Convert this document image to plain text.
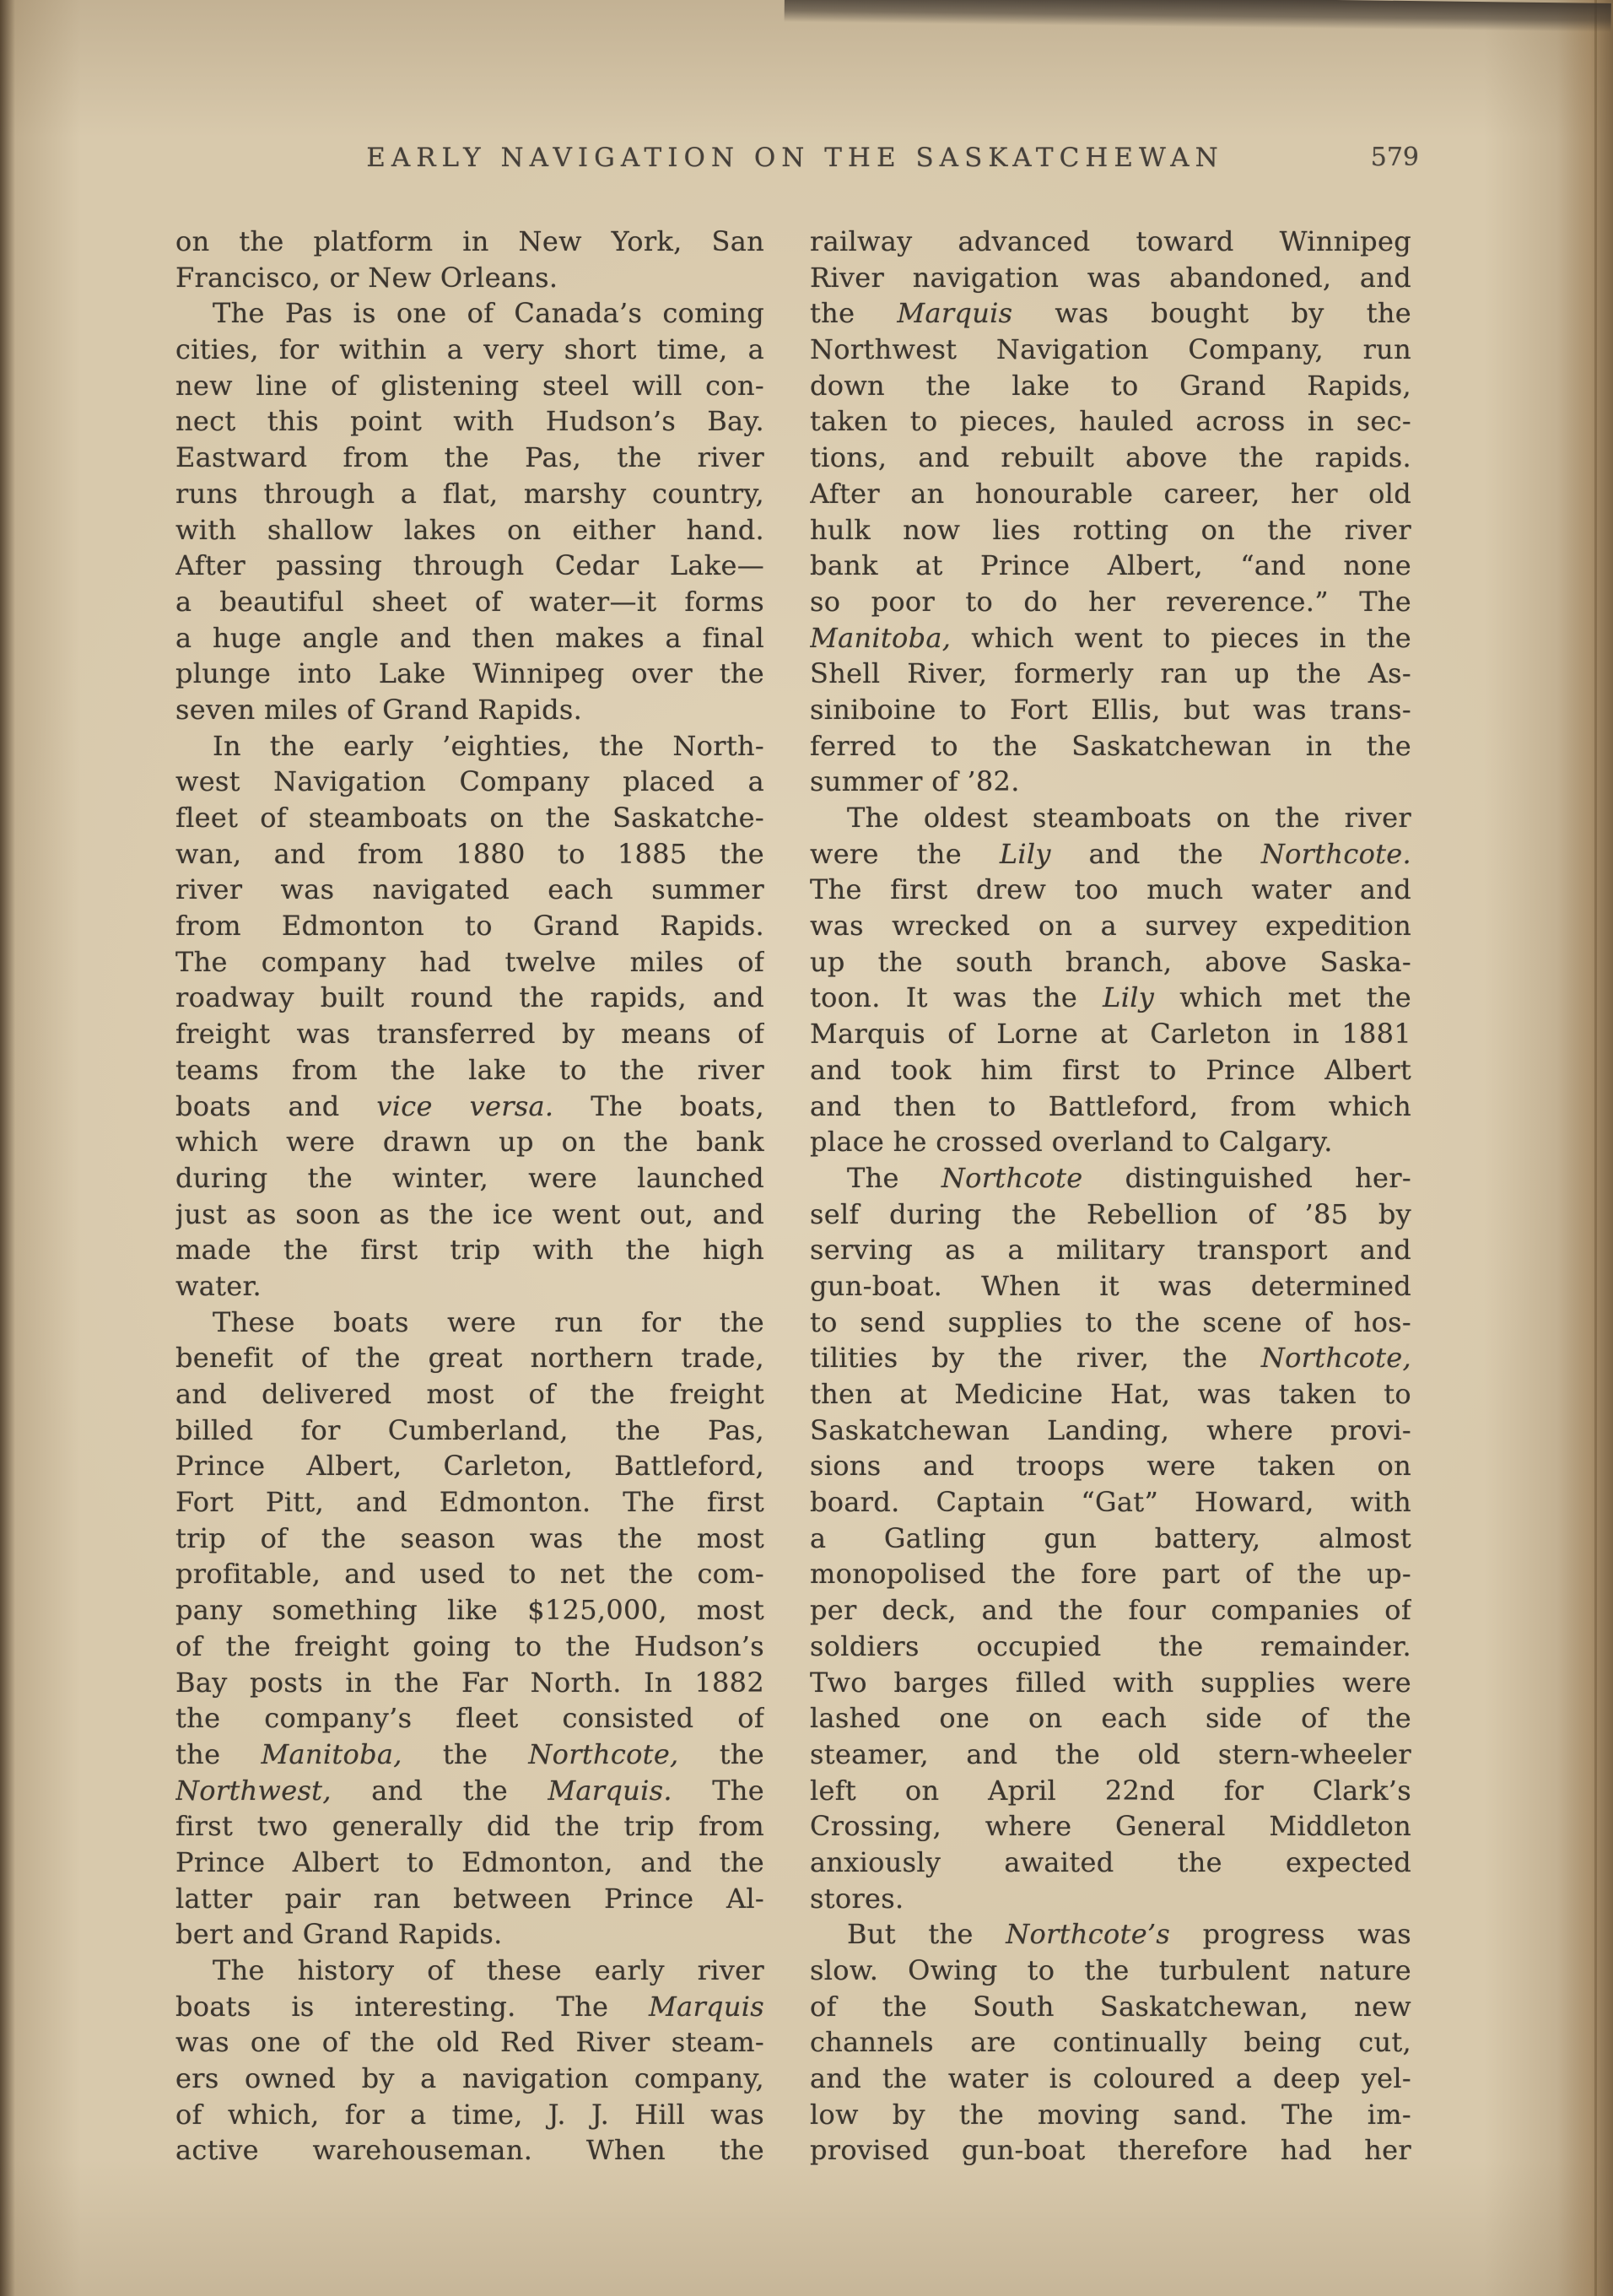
EARLY NAVIGATION ON THE SASKATCHEWAN	579
on the platform in New York, San
Francisco, or New Orleans.
The Pas is one of Canada’s coming
cities, for within a very short time, a
new line of glistening steel will con-
nect this point with Hudson’s Bay.
Eastward from the Pas, the river
runs through a flat, marshy country,
with shallow lakes on either hand.
After passing through Cedar Lake—
a beautiful sheet of water—it forms
a huge angle and then makes a final
plunge into Lake Winnipeg over the
seven miles of Grand Rapids.
In the early ’eighties, the North-
west Navigation Company placed a
fleet of steamboats on the Saskatche-
wan, and from 1880 to 1885 the
river was navigated each summer
from Edmonton to Grand Rapids.
The company had twelve miles of
roadway built round the rapids, and
freight was transferred by means of
teams from the lake to the river
boats and vice versa. The boats,
which were drawn up on the bank
during the winter, were launched
just as soon as the ice went out, and
made the first trip with the high
water.
These boats were run for the
benefit of the great northern trade,
and delivered most of the freight
billed for Cumberland, the Pas,
Prince Albert, Carleton, Battleford,
Fort Pitt, and Edmonton. The first
trip of the season was the most
profitable, and used to net the com-
pany something like $125,000, most
of the freight going to the Hudson’s
Bay posts in the Far North. In 1882
the company’s fleet consisted of
the Manitoba, the Northcote, the
Northwest, and the Marquis. The
first two generally did the trip from
Prince Albert to Edmonton, and the
latter pair ran between Prince Al-
bert and Grand Rapids.
The history of these early river
boats is interesting. The Marquis
was one of the old Red River steam-
ers owned by a navigation company,
of which, for a time, J. J. Hill was
active warehouseman. When the
railway advanced toward Winnipeg
River navigation was abandoned, and
the Marquis was bought by the
Northwest Navigation Company, run
down the lake to Grand Rapids,
taken to pieces, hauled across in sec-
tions, and rebuilt above the rapids.
After an honourable career, her old
hulk now lies rotting on the river
bank at Prince Albert, “and none
so poor to do her reverence.” The
Manitoba, which went to pieces in the
Shell River, formerly ran up the As-
siniboine to Fort Ellis, but was trans-
ferred to the Saskatchewan in the
summer of ’82.
The oldest steamboats on the river
were the Lily and the Northcote.
The first drew too much water and
was wrecked on a survey expedition
up the south branch, above Saska-
toon. It was the Lily which met the
Marquis of Lorne at Carleton in 1881
and took him first to Prince Albert
and then to Battleford, from which
place he crossed overland to Calgary.
The Northcote distinguished her-
self during the Rebellion of ’85 by
serving as a military transport and
gun-boat. When it was determined
to send supplies to the scene of hos-
tilities by the river, the Northcote,
then at Medicine Hat, was taken to
Saskatchewan Landing, where provi-
sions and troops were taken on
board. Captain “Gat” Howard, with
a Gatling gun battery, almost
monopolised the fore part of the up-
per deck, and the four companies of
soldiers occupied the remainder.
Two barges filled with supplies were
lashed one on each side of the
steamer, and the old stern-wheeler
left on April 22nd for Clark’s
Crossing, where General Middleton
anxiously awaited the expected
stores.
But the Northcote’s progress was
slow. Owing to the turbulent nature
of the South Saskatchewan, new
channels are continually being cut,
and the water is coloured a deep yel-
low by the moving sand. The im-
provised gun-boat therefore had her
